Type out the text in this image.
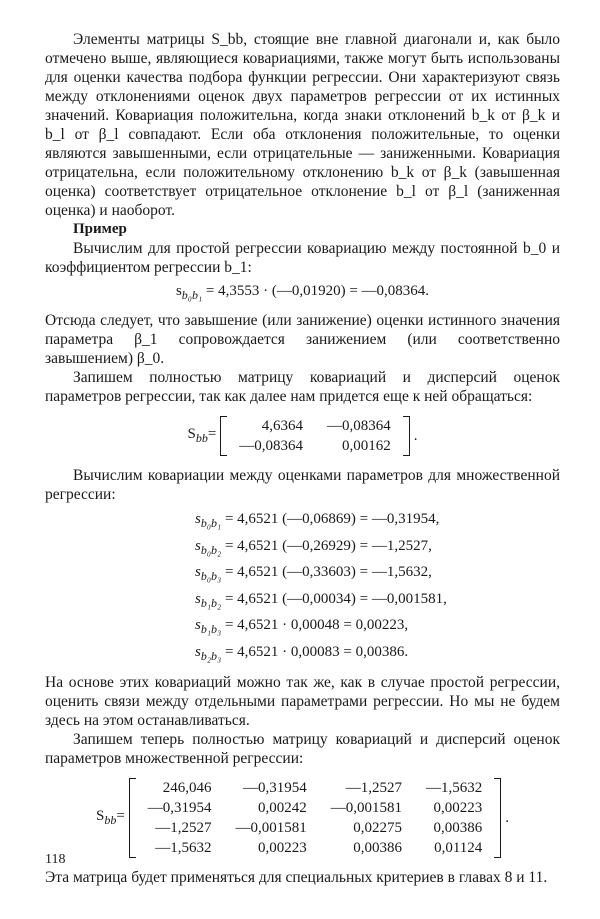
Элементы матрицы S_bb, стоящие вне главной диагонали и, как было отмечено выше, являющиеся ковариациями, также могут быть использованы для оценки качества подбора функции регрессии. Они характеризуют связь между отклонениями оценок двух параметров регрессии от их истинных значений. Ковариация положительна, когда знаки отклонений b_k от β_k и b_l от β_l совпадают. Если оба отклонения положительные, то оценки являются завышенными, если отрицательные — заниженными. Ковариация отрицательна, если положительному отклонению b_k от β_k (завышенная оценка) соответствует отрицательное отклонение b_l от β_l (заниженная оценка) и наоборот.

Пример

Вычислим для простой регрессии ковариацию между постоянной b_0 и коэффициентом регрессии b_1:

$s_{b_0b_1} = 4,3553$ · (—0,01920) = —0,08364.

Отсюда следует, что завышение (или занижение) оценки истинного значения параметра β_1 сопровождается занижением (или соответственно завышением) β_0.

Запишем полностью матрицу ковариаций и дисперсий оценок параметров регрессии, так как далее нам придется еще к ней обращаться:

$S_{bb}=$	4,6364	—0,08364
—0,08364	0,00162
.

Вычислим ковариации между оценками параметров для множественной регрессии:

$s_{b_0b_1} = 4,6521$ (—0,06869) = —0,31954,
$s_{b_0b_2} = 4,6521$ (—0,26929) = —1,2527,
$s_{b_0b_3} = 4,6521$ (—0,33603) = —1,5632,
$s_{b_1b_2} = 4,6521$ (—0,00034) = —0,001581,
$s_{b_1b_3} = 4,6521 \cdot 0,00048 = 0,00223$,
$s_{b_2b_3} = 4,6521 \cdot 0,00083 = 0,00386$.

На основе этих ковариаций можно так же, как в случае простой регрессии, оценить связи между отдельными параметрами регрессии. Но мы не будем здесь на этом останавливаться.

Запишем теперь полностью матрицу ковариаций и дисперсий оценок параметров множественной регрессии:

$S_{bb}=$
246,046	—0,31954	—1,2527	—1,5632
—0,31954	0,00242	—0,001581	0,00223
—1,2527	—0,001581	0,02275	0,00386
—1,5632	0,00223	0,00386	0,01124
.

Эта матрица будет применяться для специальных критериев в главах 8 и 11.

118
